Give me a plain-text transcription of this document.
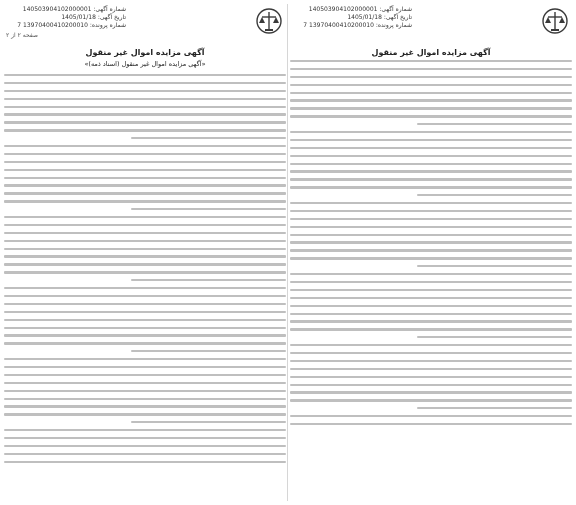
شماره آگهی: 140503904102000001
تاریخ آگهی: 1405/01/18
شماره پرونده: 13970400410200010 7

آگهی مزایده اموال غیر منقول

شماره آگهی: 140503904102000001
تاریخ آگهی: 1405/01/18
شماره پرونده: 13970400410200010 7
صفحه ۲ از ۲

آگهی مزایده اموال غیر منقول

«آگهی مزایده اموال غیر منقول (اسناد ذمه)»
